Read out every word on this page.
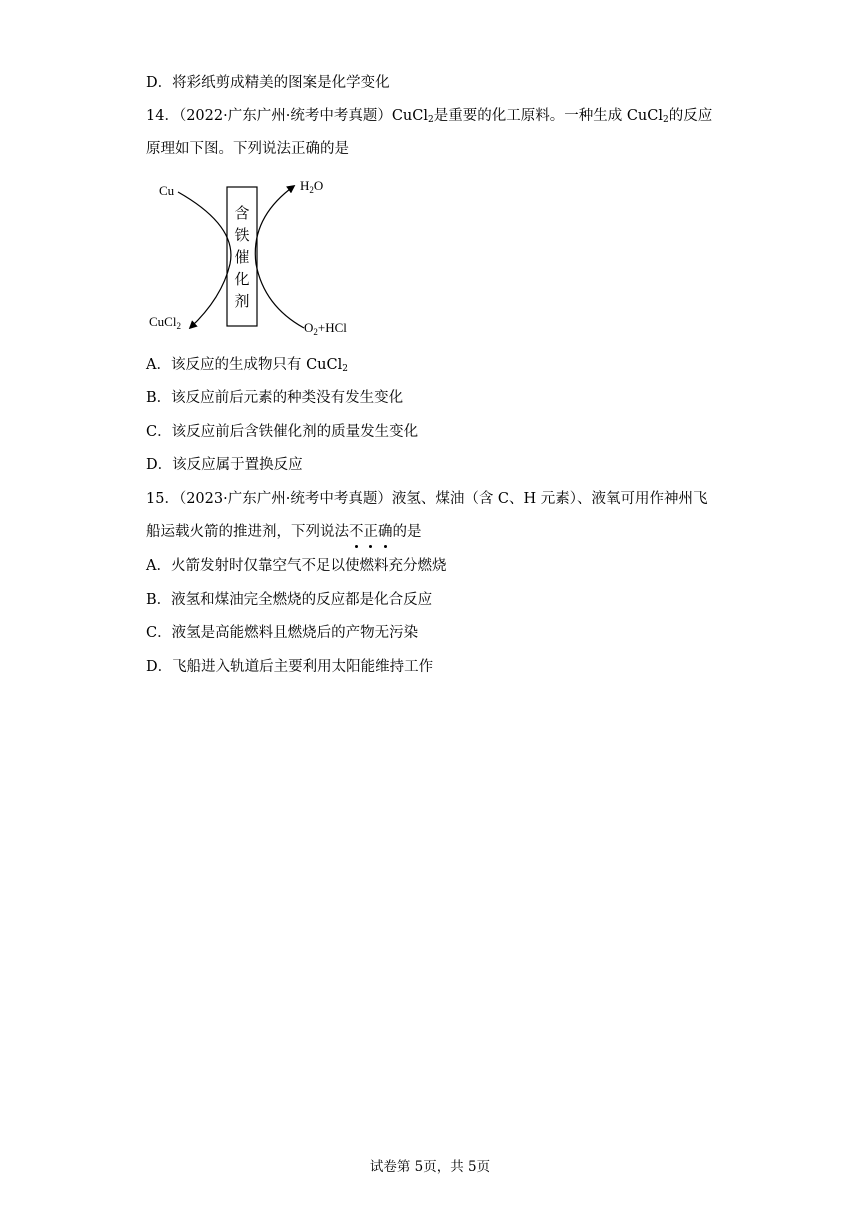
D．将彩纸剪成精美的图案是化学变化
14．（2022·广东广州·统考中考真题）CuCl$_2$是重要的化工原料。一种生成 CuCl$_2$的反应
原理如下图。下列说法正确的是
含
铁
催
化
剂
Cu	$H_2O$
CuCl$_2$	$O_2+HCl$
A．该反应的生成物只有 CuCl$_2$
B．该反应前后元素的种类没有发生变化
C．该反应前后含铁催化剂的质量发生变化
D．该反应属于置换反应
15．（2023·广东广州·统考中考真题）液氢、煤油（含 C、H 元素）、液氧可用作神州飞
船运载火箭的推进剂，下列说法不正确的是
A．火箭发射时仅靠空气不足以使燃料充分燃烧
B．液氢和煤油完全燃烧的反应都是化合反应
C．液氢是高能燃料且燃烧后的产物无污染
D．飞船进入轨道后主要利用太阳能维持工作
试卷第 5页，共 5页
